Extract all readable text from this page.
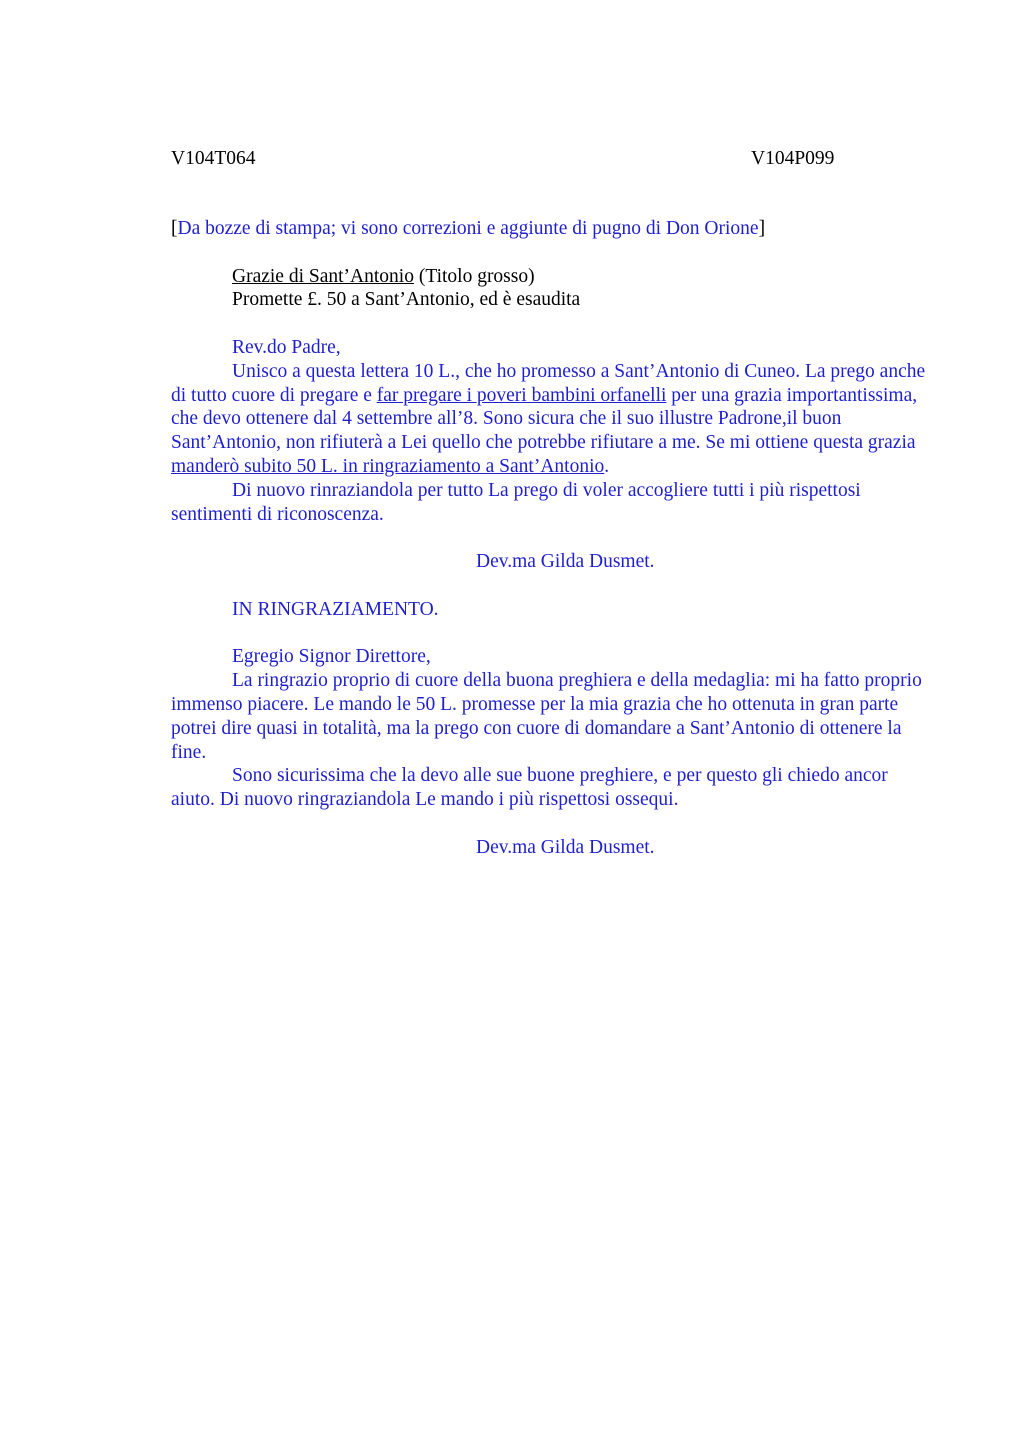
V104T064	V104P099

[Da bozze di stampa; vi sono correzioni e aggiunte di pugno di Don Orione]

Grazie di Sant’Antonio (Titolo grosso)

Promette £. 50 a Sant’Antonio, ed è esaudita

Rev.do Padre,

Unisco a questa lettera 10 L., che ho promesso a Sant’Antonio di Cuneo. La prego anche di tutto cuore di pregare e far pregare i poveri bambini orfanelli per una grazia importantissima, che devo ottenere dal 4 settembre all’8. Sono sicura che il suo illustre Padrone,il buon Sant’Antonio, non rifiuterà a Lei quello che potrebbe rifiutare a me. Se mi ottiene questa grazia manderò subito 50 L. in ringraziamento a Sant’Antonio.

Di nuovo rinraziandola per tutto La prego di voler accogliere tutti i più rispettosi sentimenti di riconoscenza.

Dev.ma Gilda Dusmet.

IN RINGRAZIAMENTO.

Egregio Signor Direttore,

La ringrazio proprio di cuore della buona preghiera e della medaglia: mi ha fatto proprio immenso piacere. Le mando le 50 L. promesse per la mia grazia che ho ottenuta in gran parte potrei dire quasi in totalità, ma la prego con cuore di domandare a Sant’Antonio di ottenere la fine.

Sono sicurissima che la devo alle sue buone preghiere, e per questo gli chiedo ancor aiuto. Di nuovo ringraziandola Le mando i più rispettosi ossequi.

Dev.ma Gilda Dusmet.
